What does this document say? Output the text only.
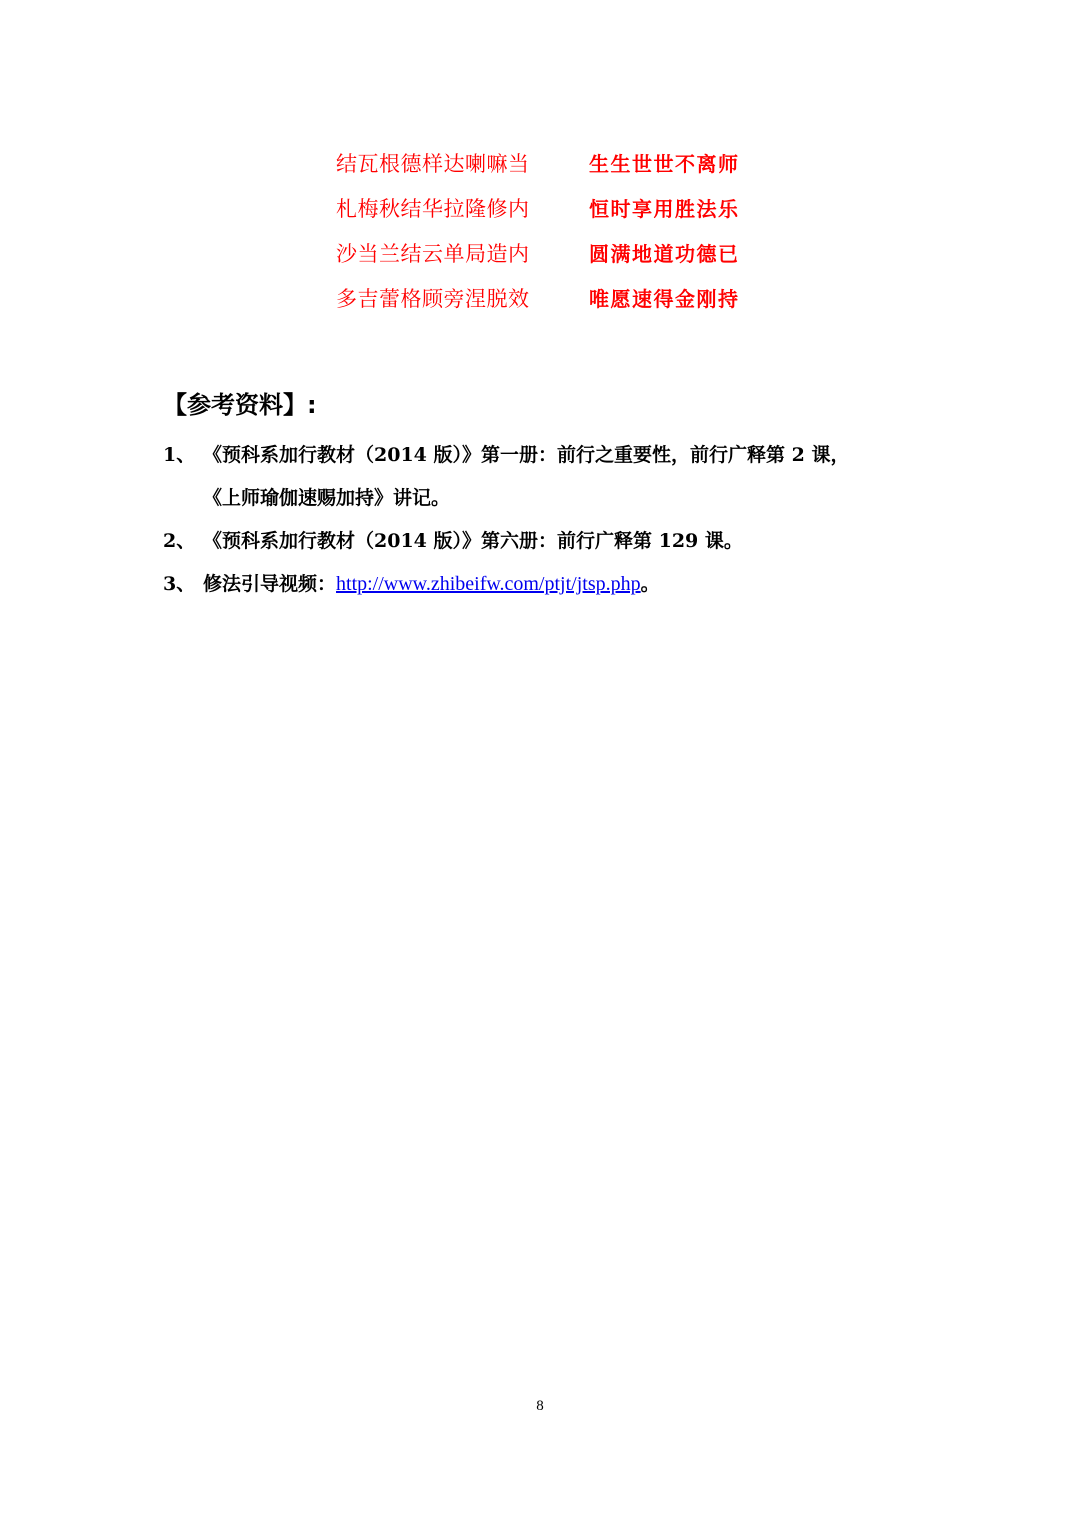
结瓦根德样达喇嘛当	生生世世不离师
札梅秋结华拉隆修内	恒时享用胜法乐
沙当兰结云单局造内	圆满地道功德已
多吉蕾格顾旁涅脱效	唯愿速得金刚持
【参考资料】:
1、 《预科系加行教材（2014 版）》第一册：前行之重要性，前行广释第 2 课，
《上师瑜伽速赐加持》讲记。
2、 《预科系加行教材（2014 版）》第六册：前行广释第 129 课。
3、 修法引导视频：http://www.zhibeifw.com/ptjt/jtsp.php。
8
